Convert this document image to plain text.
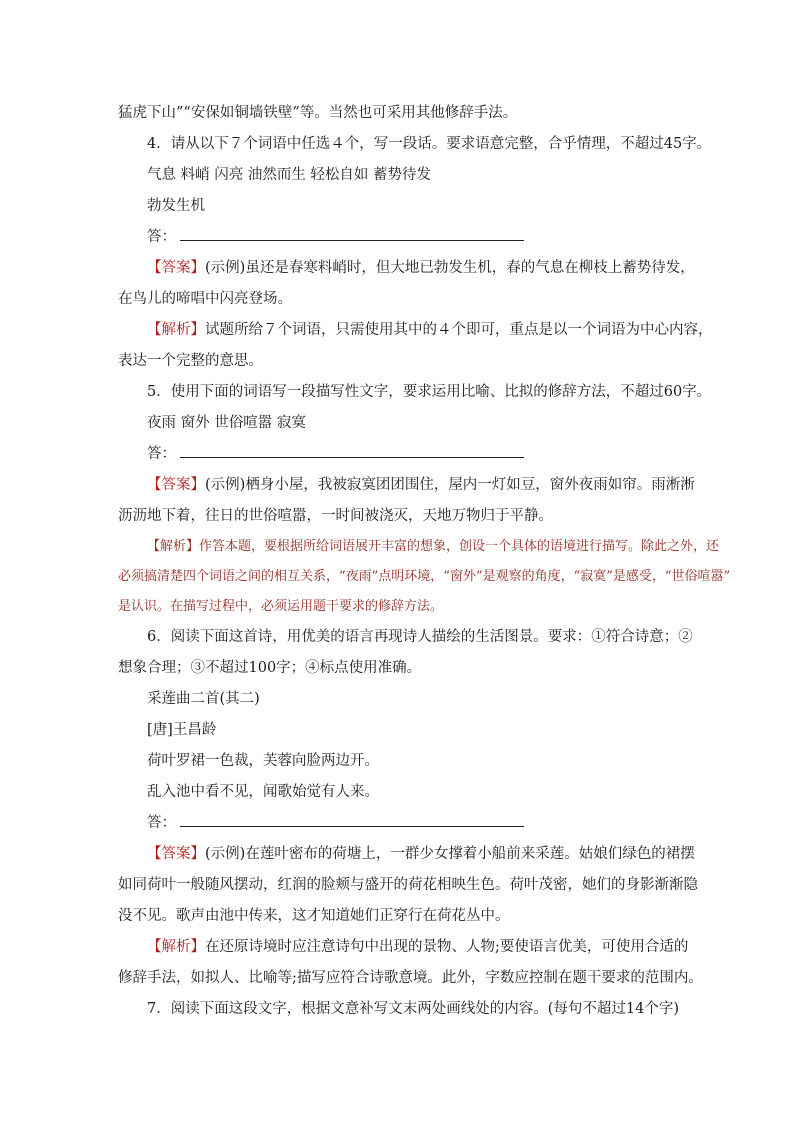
猛虎下山”“安保如铜墙铁壁”等。当然也可采用其他修辞手法。
4．请从以下７个词语中任选４个，写一段话。要求语意完整，合乎情理，不超过45字。
气息 料峭 闪亮 油然而生 轻松自如 蓄势待发
勃发生机
答：
【答案】(示例)虽还是春寒料峭时，但大地已勃发生机，春的气息在柳枝上蓄势待发，
在鸟儿的啼唱中闪亮登场。
【解析】试题所给７个词语，只需使用其中的４个即可，重点是以一个词语为中心内容，
表达一个完整的意思。
5．使用下面的词语写一段描写性文字，要求运用比喻、比拟的修辞方法，不超过60字。
夜雨 窗外 世俗喧嚣 寂寞
答：
【答案】(示例)栖身小屋，我被寂寞团团围住，屋内一灯如豆，窗外夜雨如帘。雨淅淅
沥沥地下着，往日的世俗喧嚣，一时间被浇灭，天地万物归于平静。
【解析】作答本题，要根据所给词语展开丰富的想象，创设一个具体的语境进行描写。除此之外，还
必须搞清楚四个词语之间的相互关系，“夜雨”点明环境，“窗外”是观察的角度，“寂寞”是感受，“世俗喧嚣”
是认识。在描写过程中，必须运用题干要求的修辞方法。
6．阅读下面这首诗，用优美的语言再现诗人描绘的生活图景。要求：①符合诗意；②
想象合理；③不超过100字；④标点使用准确。
采莲曲二首(其二)
[唐]王昌龄
荷叶罗裙一色裁，芙蓉向脸两边开。
乱入池中看不见，闻歌始觉有人来。
答：
【答案】(示例)在莲叶密布的荷塘上，一群少女撑着小船前来采莲。姑娘们绿色的裙摆
如同荷叶一般随风摆动，红润的脸颊与盛开的荷花相映生色。荷叶茂密，她们的身影渐渐隐
没不见。歌声由池中传来，这才知道她们正穿行在荷花丛中。
【解析】在还原诗境时应注意诗句中出现的景物、人物;要使语言优美，可使用合适的
修辞手法，如拟人、比喻等;描写应符合诗歌意境。此外，字数应控制在题干要求的范围内。
7．阅读下面这段文字，根据文意补写文末两处画线处的内容。(每句不超过14个字)
